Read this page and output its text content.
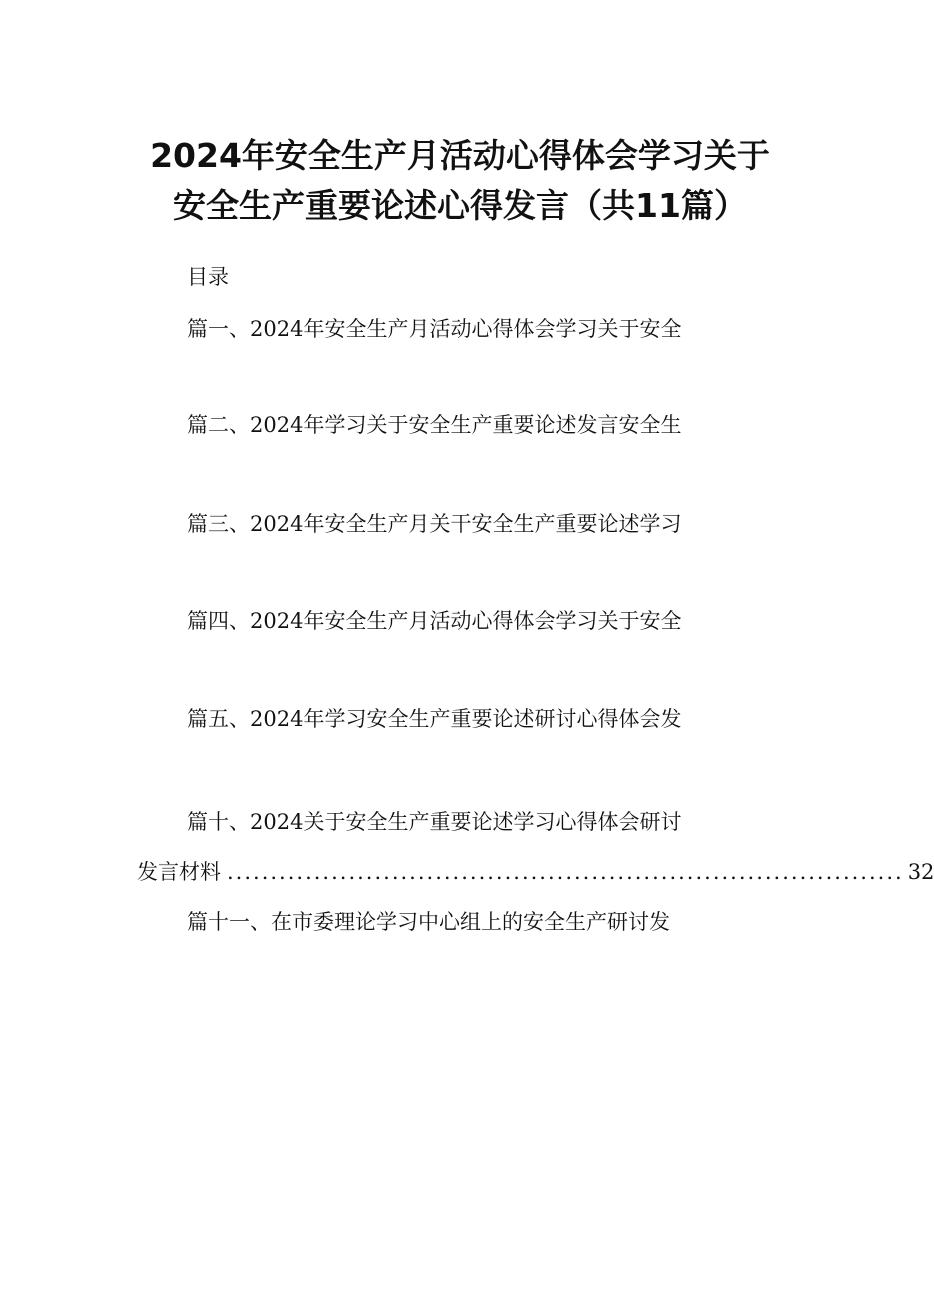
2024年安全生产月活动心得体会学习关于
安全生产重要论述心得发言（共11篇）
目录
篇一、2024年安全生产月活动心得体会学习关于安全
篇二、2024年学习关于安全生产重要论述发言安全生
篇三、2024年安全生产月关干安全生产重要论述学习
篇四、2024年安全生产月活动心得体会学习关于安全
篇五、2024年学习安全生产重要论述研讨心得体会发
篇十、2024关于安全生产重要论述学习心得体会研讨
发言材料 .............................................................................. 32
篇十一、在市委理论学习中心组上的安全生产研讨发
